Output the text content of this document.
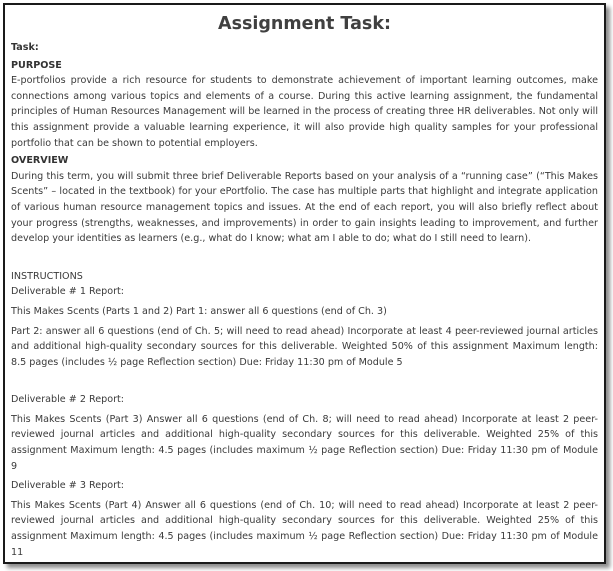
Assignment Task:
Task:
PURPOSE

E-portfolios provide a rich resource for students to demonstrate achievement of important learning outcomes, make connections among various topics and elements of a course. During this active learning assignment, the fundamental principles of Human Resources Management will be learned in the process of creating three HR deliverables. Not only will this assignment provide a valuable learning experience, it will also provide high quality samples for your professional portfolio that can be shown to potential employers.

OVERVIEW

During this term, you will submit three brief Deliverable Reports based on your analysis of a “running case” (“This Makes Scents” – located in the textbook) for your ePortfolio. The case has multiple parts that highlight and integrate application of various human resource management topics and issues. At the end of each report, you will also briefly reflect about your progress (strengths, weaknesses, and improvements) in order to gain insights leading to improvement, and further develop your identities as learners (e.g., what do I know; what am I able to do; what do I still need to learn).

INSTRUCTIONS
Deliverable # 1 Report:

This Makes Scents (Parts 1 and 2) Part 1: answer all 6 questions (end of Ch. 3)

Part 2: answer all 6 questions (end of Ch. 5; will need to read ahead) Incorporate at least 4 peer-reviewed journal articles and additional high-quality secondary sources for this deliverable. Weighted 50% of this assignment Maximum length: 8.5 pages (includes ½ page Reflection section) Due: Friday 11:30 pm of Module 5

Deliverable # 2 Report:

This Makes Scents (Part 3) Answer all 6 questions (end of Ch. 8; will need to read ahead) Incorporate at least 2 peer-reviewed journal articles and additional high-quality secondary sources for this deliverable. Weighted 25% of this assignment Maximum length: 4.5 pages (includes maximum ½ page Reflection section) Due: Friday 11:30 pm of Module 9

Deliverable # 3 Report:

This Makes Scents (Part 4) Answer all 6 questions (end of Ch. 10; will need to read ahead) Incorporate at least 2 peer-reviewed journal articles and additional high-quality secondary sources for this deliverable. Weighted 25% of this assignment Maximum length: 4.5 pages (includes maximum ½ page Reflection section) Due: Friday 11:30 pm of Module 11
